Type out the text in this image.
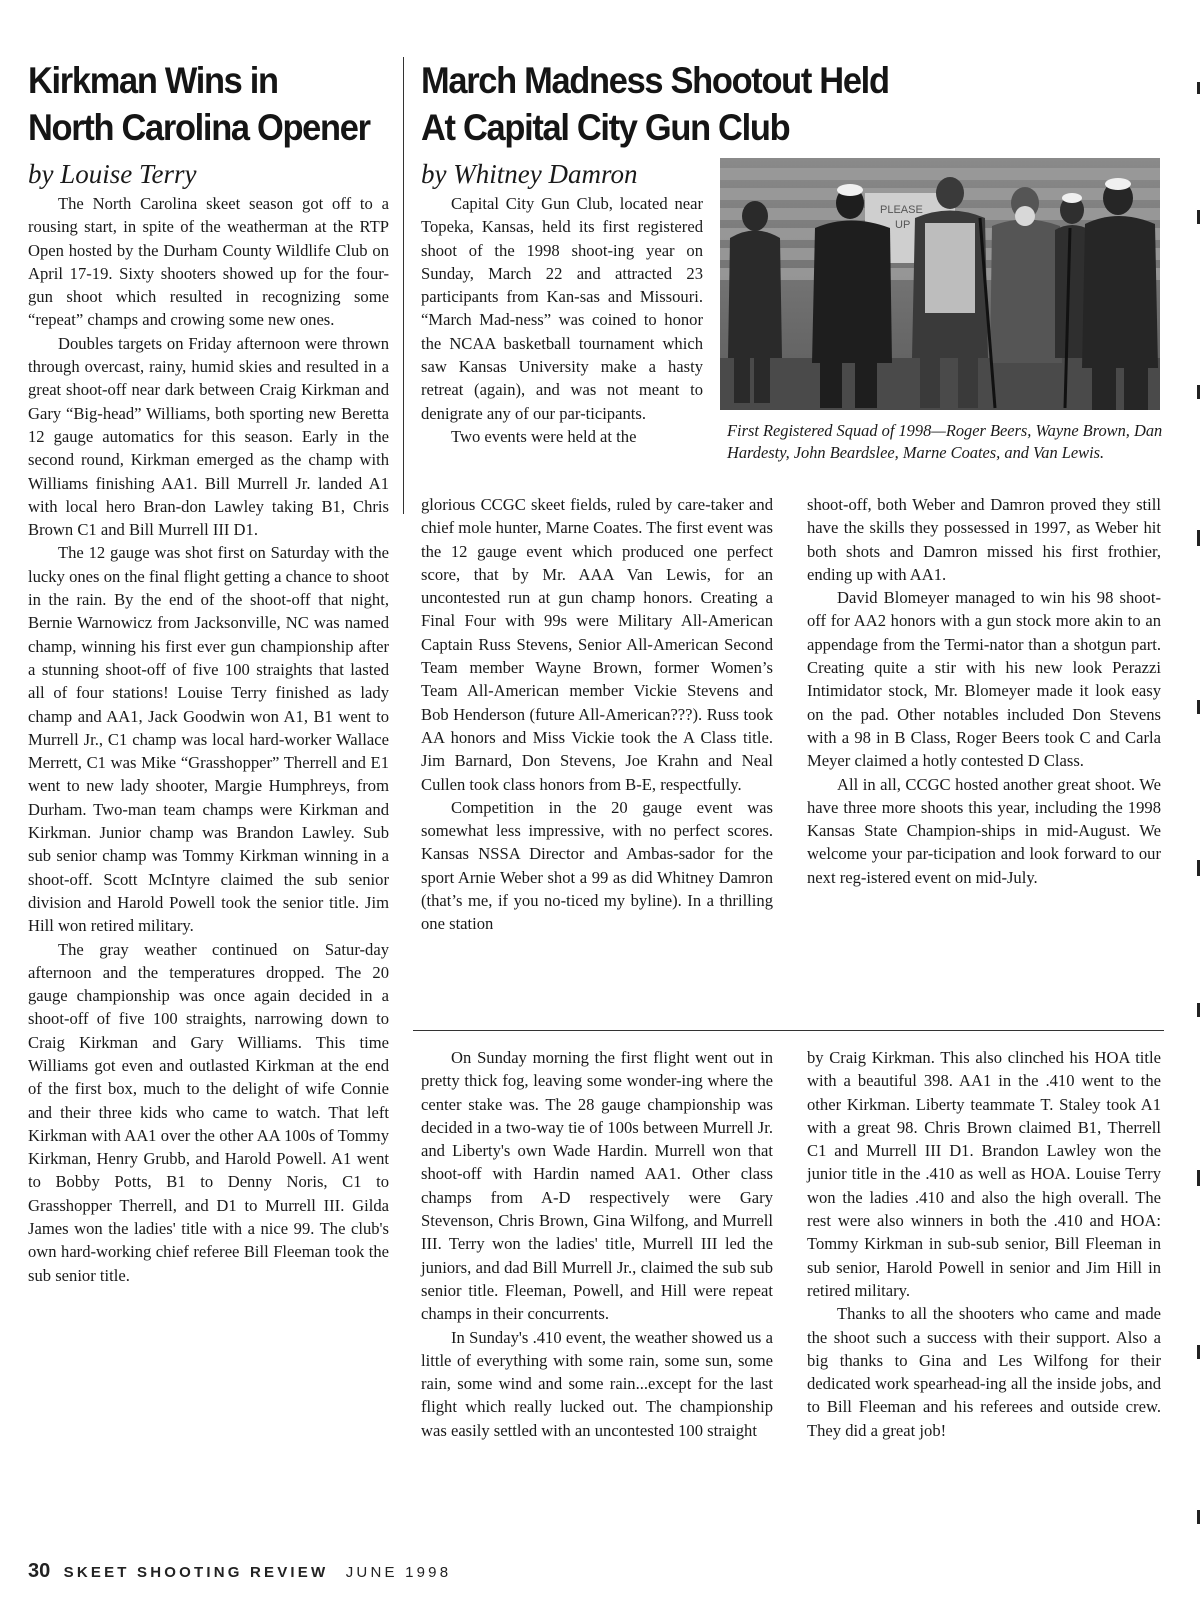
Kirkman Wins in
North Carolina Opener
by Louise Terry

The North Carolina skeet season got off to a rousing start, in spite of the weatherman at the RTP Open hosted by the Durham County Wildlife Club on April 17-19. Sixty shooters showed up for the four-gun shoot which resulted in recognizing some “repeat” champs and crowing some new ones.

Doubles targets on Friday afternoon were thrown through overcast, rainy, humid skies and resulted in a great shoot-off near dark between Craig Kirkman and Gary “Big-head” Williams, both sporting new Beretta 12 gauge automatics for this season. Early in the second round, Kirkman emerged as the champ with Williams finishing AA1. Bill Murrell Jr. landed A1 with local hero Bran-don Lawley taking B1, Chris Brown C1 and Bill Murrell III D1.

The 12 gauge was shot first on Saturday with the lucky ones on the final flight getting a chance to shoot in the rain. By the end of the shoot-off that night, Bernie Warnowicz from Jacksonville, NC was named champ, winning his first ever gun championship after a stunning shoot-off of five 100 straights that lasted all of four stations! Louise Terry finished as lady champ and AA1, Jack Goodwin won A1, B1 went to Murrell Jr., C1 champ was local hard-worker Wallace Merrett, C1 was Mike “Grasshopper” Therrell and E1 went to new lady shooter, Margie Humphreys, from Durham. Two-man team champs were Kirkman and Kirkman. Junior champ was Brandon Lawley. Sub sub senior champ was Tommy Kirkman winning in a shoot-off. Scott McIntyre claimed the sub senior division and Harold Powell took the senior title. Jim Hill won retired military.

The gray weather continued on Satur-day afternoon and the temperatures dropped. The 20 gauge championship was once again decided in a shoot-off of five 100 straights, narrowing down to Craig Kirkman and Gary Williams. This time Williams got even and outlasted Kirkman at the end of the first box, much to the delight of wife Connie and their three kids who came to watch. That left Kirkman with AA1 over the other AA 100s of Tommy Kirkman, Henry Grubb, and Harold Powell. A1 went to Bobby Potts, B1 to Denny Noris, C1 to Grasshopper Therrell, and D1 to Murrell III. Gilda James won the ladies' title with a nice 99. The club's own hard-working chief referee Bill Fleeman took the sub senior title.

March Madness Shootout Held
At Capital City Gun Club
by Whitney Damron

Capital City Gun Club, located near Topeka, Kansas, held its first registered shoot of the 1998 shoot-ing year on Sunday, March 22 and attracted 23 participants from Kan-sas and Missouri. “March Mad-ness” was coined to honor the NCAA basketball tournament which saw Kansas University make a hasty retreat (again), and was not meant to denigrate any of our par-ticipants.

Two events were held at the

PLEASE
UP
First Registered Squad of 1998—Roger Beers, Wayne Brown, Dan Hardesty, John Beardslee, Marne Coates, and Van Lewis.

glorious CCGC skeet fields, ruled by care-taker and chief mole hunter, Marne Coates. The first event was the 12 gauge event which produced one perfect score, that by Mr. AAA Van Lewis, for an uncontested run at gun champ honors. Creating a Final Four with 99s were Military All-American Captain Russ Stevens, Senior All-American Second Team member Wayne Brown, former Women’s Team All-American member Vickie Stevens and Bob Henderson (future All-American???). Russ took AA honors and Miss Vickie took the A Class title. Jim Barnard, Don Stevens, Joe Krahn and Neal Cullen took class honors from B-E, respectfully.

Competition in the 20 gauge event was somewhat less impressive, with no perfect scores. Kansas NSSA Director and Ambas-sador for the sport Arnie Weber shot a 99 as did Whitney Damron (that’s me, if you no-ticed my byline). In a thrilling one station

shoot-off, both Weber and Damron proved they still have the skills they possessed in 1997, as Weber hit both shots and Damron missed his first frothier, ending up with AA1.

David Blomeyer managed to win his 98 shoot-off for AA2 honors with a gun stock more akin to an appendage from the Termi-nator than a shotgun part. Creating quite a stir with his new look Perazzi Intimidator stock, Mr. Blomeyer made it look easy on the pad. Other notables included Don Stevens with a 98 in B Class, Roger Beers took C and Carla Meyer claimed a hotly contested D Class.

All in all, CCGC hosted another great shoot. We have three more shoots this year, including the 1998 Kansas State Champion-ships in mid-August. We welcome your par-ticipation and look forward to our next reg-istered event on mid-July.

On Sunday morning the first flight went out in pretty thick fog, leaving some wonder-ing where the center stake was. The 28 gauge championship was decided in a two-way tie of 100s between Murrell Jr. and Liberty's own Wade Hardin. Murrell won that shoot-off with Hardin named AA1. Other class champs from A-D respectively were Gary Stevenson, Chris Brown, Gina Wilfong, and Murrell III. Terry won the ladies' title, Murrell III led the juniors, and dad Bill Murrell Jr., claimed the sub sub senior title. Fleeman, Powell, and Hill were repeat champs in their concurrents.

In Sunday's .410 event, the weather showed us a little of everything with some rain, some sun, some rain, some wind and some rain...except for the last flight which really lucked out. The championship was easily settled with an uncontested 100 straight

by Craig Kirkman. This also clinched his HOA title with a beautiful 398. AA1 in the .410 went to the other Kirkman. Liberty teammate T. Staley took A1 with a great 98. Chris Brown claimed B1, Therrell C1 and Murrell III D1. Brandon Lawley won the junior title in the .410 as well as HOA. Louise Terry won the ladies .410 and also the high overall. The rest were also winners in both the .410 and HOA: Tommy Kirkman in sub-sub senior, Bill Fleeman in sub senior, Harold Powell in senior and Jim Hill in retired military.

Thanks to all the shooters who came and made the shoot such a success with their support. Also a big thanks to Gina and Les Wilfong for their dedicated work spearhead-ing all the inside jobs, and to Bill Fleeman and his referees and outside crew. They did a great job!

30 SKEET SHOOTING REVIEW JUNE 1998
